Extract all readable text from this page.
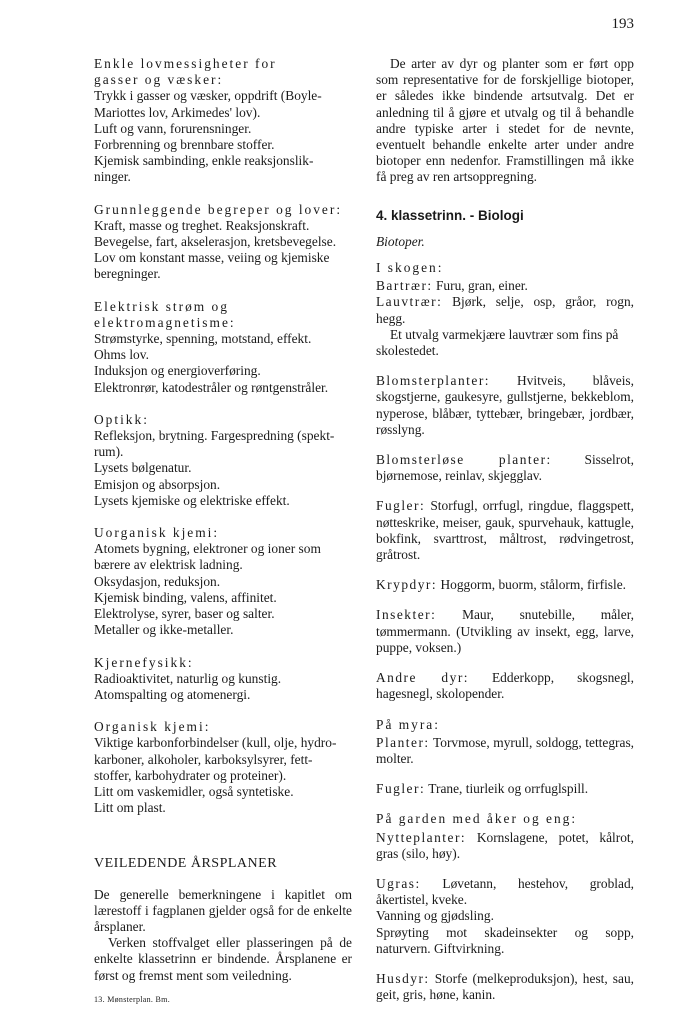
193
Enkle lovmessigheter for
gasser og væsker:
Trykk i gasser og væsker, oppdrift (Boyle-
Mariottes lov, Arkimedes' lov).
Luft og vann, forurensninger.
Forbrenning og brennbare stoffer.
Kjemisk sambinding, enkle reaksjonslik-
ninger.
Grunnleggende begreper og lover:
Kraft, masse og treghet. Reaksjonskraft.
Bevegelse, fart, akselerasjon, kretsbevegelse.
Lov om konstant masse, veiing og kjemiske
beregninger.
Elektrisk strøm og
elektromagnetisme:
Strømstyrke, spenning, motstand, effekt.
Ohms lov.
Induksjon og energioverføring.
Elektronrør, katodestråler og røntgenstråler.
Optikk:
Refleksjon, brytning. Fargespredning (spekt-
rum).
Lysets bølgenatur.
Emisjon og absorpsjon.
Lysets kjemiske og elektriske effekt.
Uorganisk kjemi:
Atomets bygning, elektroner og ioner som
bærere av elektrisk ladning.
Oksydasjon, reduksjon.
Kjemisk binding, valens, affinitet.
Elektrolyse, syrer, baser og salter.
Metaller og ikke-metaller.
Kjernefysikk:
Radioaktivitet, naturlig og kunstig.
Atomspalting og atomenergi.
Organisk kjemi:
Viktige karbonforbindelser (kull, olje, hydro-
karboner, alkoholer, karboksylsyrer, fett-
stoffer, karbohydrater og proteiner).
Litt om vaskemidler, også syntetiske.
Litt om plast.
VEILEDENDE ÅRSPLANER

De generelle bemerkningene i kapitlet om lærestoff i fagplanen gjelder også for de enkelte årsplaner.

Verken stoffvalget eller plasseringen på de enkelte klassetrinn er bindende. Årsplanene er først og fremst ment som veiledning.

13. Mønsterplan. Bm.

De arter av dyr og planter som er ført opp som representative for de forskjellige biotoper, er således ikke bindende artsutvalg. Det er anledning til å gjøre et utvalg og til å behandle andre typiske arter i stedet for de nevnte, eventuelt behandle enkelte arter under andre biotoper enn nedenfor. Framstillingen må ikke få preg av ren artsoppregning.

4. klassetrinn. - Biologi
Biotoper.
I skogen:
Bartrær: Furu, gran, einer.
Lauvtrær: Bjørk, selje, osp, gråor, rogn, hegg.
Et utvalg varmekjære lauvtrær som fins på skolestedet.
Blomsterplanter: Hvitveis, blåveis, skogstjerne, gaukesyre, gullstjerne, bekkeblom, nyperose, blåbær, tyttebær, bringebær, jordbær, røsslyng.
Blomsterløse planter: Sisselrot, bjørnemose, reinlav, skjegglav.
Fugler: Storfugl, orrfugl, ringdue, flaggspett, nøtteskrike, meiser, gauk, spurvehauk, kattugle, bokfink, svarttrost, måltrost, rødvingetrost, gråtrost.
Krypdyr: Hoggorm, buorm, stålorm, firfisle.
Insekter: Maur, snutebille, måler, tømmermann. (Utvikling av insekt, egg, larve, puppe, voksen.)
Andre dyr: Edderkopp, skogsnegl, hagesnegl, skolopender.
På myra:
Planter: Torvmose, myrull, soldogg, tettegras, molter.
Fugler: Trane, tiurleik og orrfuglspill.
På garden med åker og eng:
Nytteplanter: Kornslagene, potet, kålrot, gras (silo, høy).
Ugras: Løvetann, hestehov, groblad, åkertistel, kveke.
Vanning og gjødsling.
Sprøyting mot skadeinsekter og sopp, naturvern. Giftvirkning.
Husdyr: Storfe (melkeproduksjon), hest, sau, geit, gris, høne, kanin.
